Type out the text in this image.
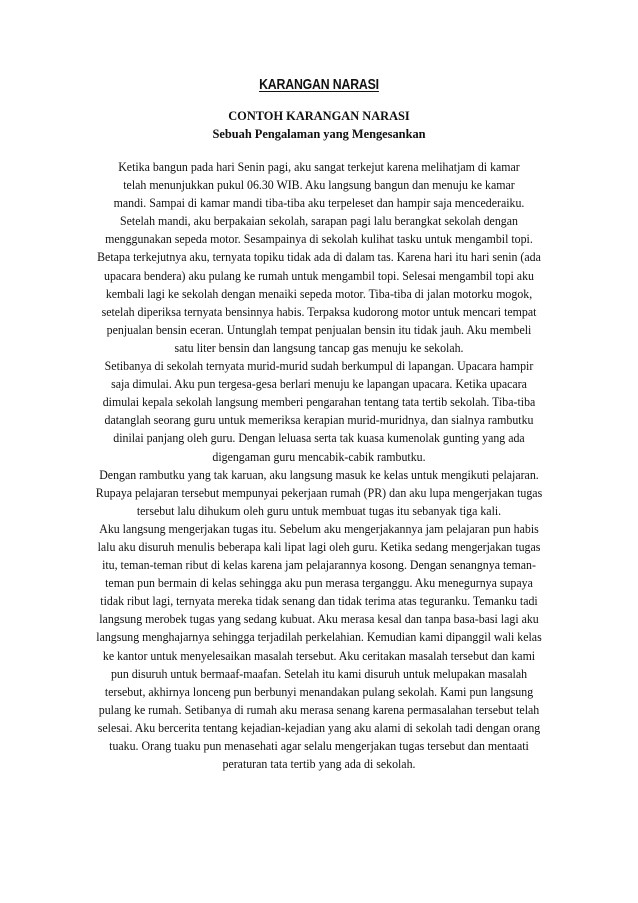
KARANGAN NARASI
CONTOH KARANGAN NARASI
Sebuah Pengalaman yang Mengesankan
Ketika bangun pada hari Senin pagi, aku sangat terkejut karena melihatjam di kamar
telah menunjukkan pukul 06.30 WIB. Aku langsung bangun dan menuju ke kamar
mandi. Sampai di kamar mandi tiba-tiba aku terpeleset dan hampir saja mencederaiku.
Setelah mandi, aku berpakaian sekolah, sarapan pagi lalu berangkat sekolah dengan
menggunakan sepeda motor. Sesampainya di sekolah kulihat tasku untuk mengambil topi.
Betapa terkejutnya aku, ternyata topiku tidak ada di dalam tas. Karena hari itu hari senin (ada
upacara bendera) aku pulang ke rumah untuk mengambil topi. Selesai mengambil topi aku
kembali lagi ke sekolah dengan menaiki sepeda motor. Tiba-tiba di jalan motorku mogok,
setelah diperiksa ternyata bensinnya habis. Terpaksa kudorong motor untuk mencari tempat
penjualan bensin eceran. Untunglah tempat penjualan bensin itu tidak jauh. Aku membeli
satu liter bensin dan langsung tancap gas menuju ke sekolah.
Setibanya di sekolah ternyata murid-murid sudah berkumpul di lapangan. Upacara hampir
saja dimulai. Aku pun tergesa-gesa berlari menuju ke lapangan upacara. Ketika upacara
dimulai kepala sekolah langsung memberi pengarahan tentang tata tertib sekolah. Tiba-tiba
datanglah seorang guru untuk memeriksa kerapian murid-muridnya, dan sialnya rambutku
dinilai panjang oleh guru. Dengan leluasa serta tak kuasa kumenolak gunting yang ada
digengaman guru mencabik-cabik rambutku.
Dengan rambutku yang tak karuan, aku langsung masuk ke kelas untuk mengikuti pelajaran.
Rupaya pelajaran tersebut mempunyai pekerjaan rumah (PR) dan aku lupa mengerjakan tugas
tersebut lalu dihukum oleh guru untuk membuat tugas itu sebanyak tiga kali.
Aku langsung mengerjakan tugas itu. Sebelum aku mengerjakannya jam pelajaran pun habis
lalu aku disuruh menulis beberapa kali lipat lagi oleh guru. Ketika sedang mengerjakan tugas
itu, teman-teman ribut di kelas karena jam pelajarannya kosong. Dengan senangnya teman-
teman pun bermain di kelas sehingga aku pun merasa terganggu. Aku menegurnya supaya
tidak ribut lagi, ternyata mereka tidak senang dan tidak terima atas teguranku. Temanku tadi
langsung merobek tugas yang sedang kubuat. Aku merasa kesal dan tanpa basa-basi lagi aku
langsung menghajarnya sehingga terjadilah perkelahian. Kemudian kami dipanggil wali kelas
ke kantor untuk menyelesaikan masalah tersebut. Aku ceritakan masalah tersebut dan kami
pun disuruh untuk bermaaf-maafan. Setelah itu kami disuruh untuk melupakan masalah
tersebut, akhirnya lonceng pun berbunyi menandakan pulang sekolah. Kami pun langsung
pulang ke rumah. Setibanya di rumah aku merasa senang karena permasalahan tersebut telah
selesai. Aku bercerita tentang kejadian-kejadian yang aku alami di sekolah tadi dengan orang
tuaku. Orang tuaku pun menasehati agar selalu mengerjakan tugas tersebut dan mentaati
peraturan tata tertib yang ada di sekolah.
